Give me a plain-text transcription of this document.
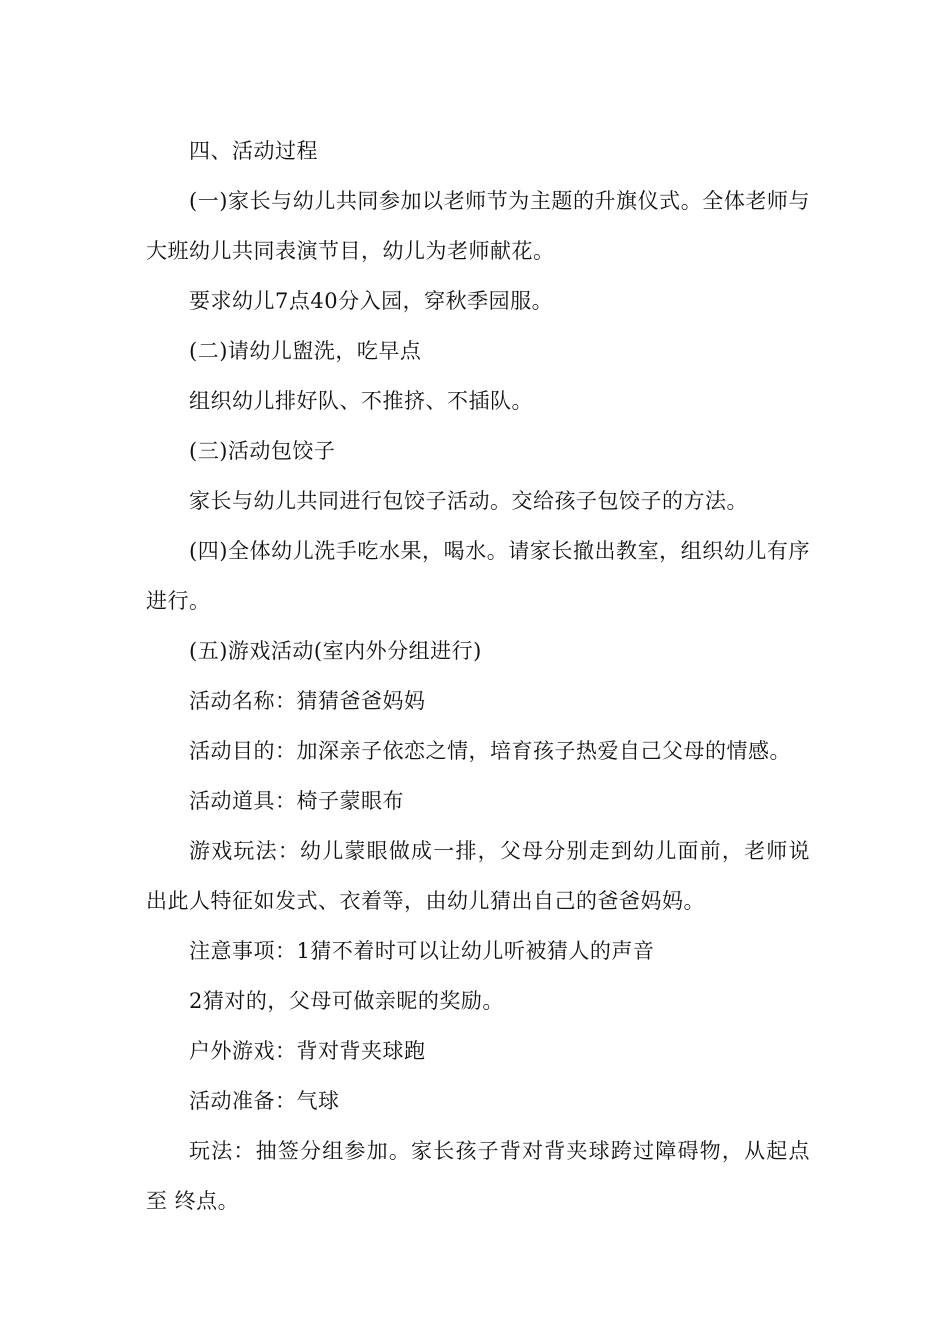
四、活动过程

(一)家长与幼儿共同参加以老师节为主题的升旗仪式。全体老师与大班幼儿共同表演节目，幼儿为老师献花。

要求幼儿7点40分入园，穿秋季园服。

(二)请幼儿盥洗，吃早点

组织幼儿排好队、不推挤、不插队。

(三)活动包饺子

家长与幼儿共同进行包饺子活动。交给孩子包饺子的方法。

(四)全体幼儿洗手吃水果，喝水。请家长撤出教室，组织幼儿有序进行。

(五)游戏活动(室内外分组进行)

活动名称：猜猜爸爸妈妈

活动目的：加深亲子依恋之情，培育孩子热爱自己父母的情感。

活动道具：椅子蒙眼布

游戏玩法：幼儿蒙眼做成一排，父母分别走到幼儿面前，老师说出此人特征如发式、衣着等，由幼儿猜出自己的爸爸妈妈。

注意事项：1猜不着时可以让幼儿听被猜人的声音

2猜对的，父母可做亲昵的奖励。

户外游戏：背对背夹球跑

活动准备：气球

玩法：抽签分组参加。家长孩子背对背夹球跨过障碍物，从起点至 终点。
